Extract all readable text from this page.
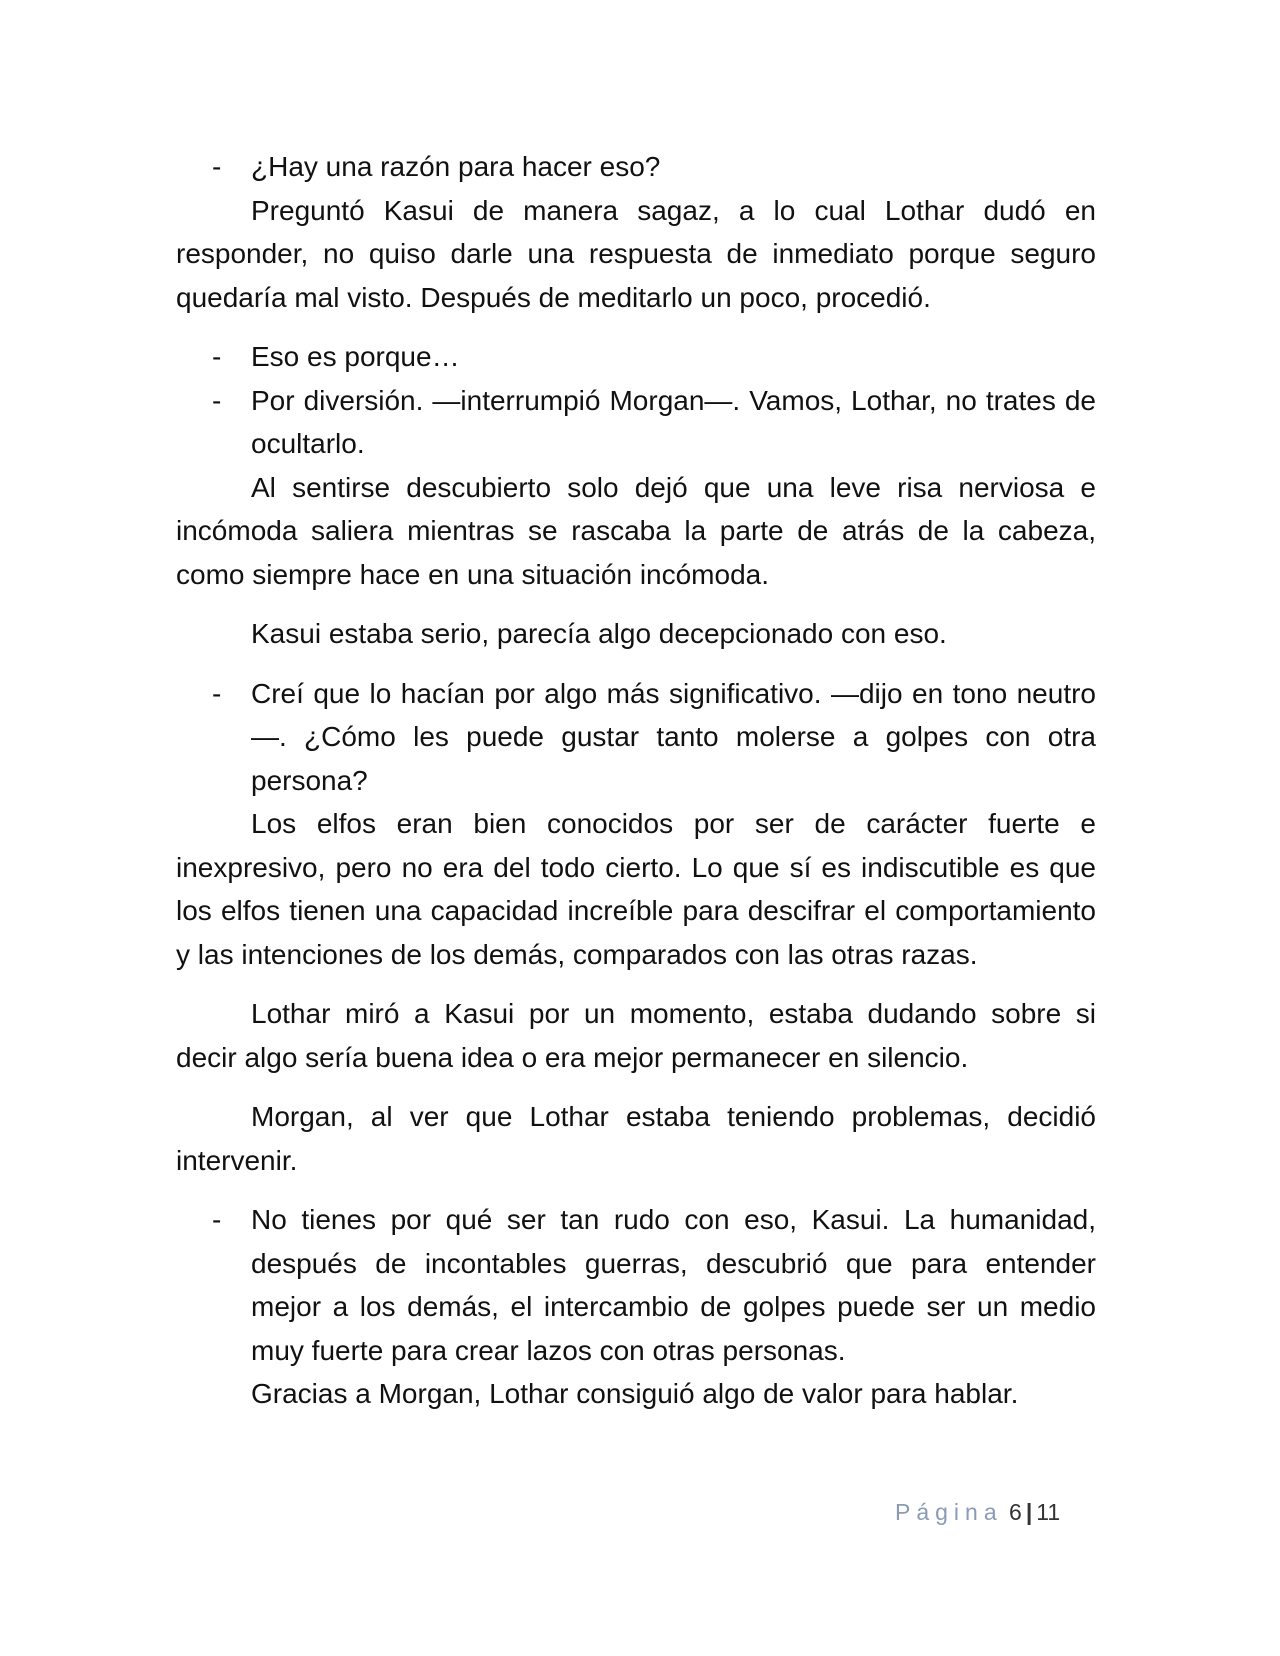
- ¿Hay una razón para hacer eso?

Preguntó Kasui de manera sagaz, a lo cual Lothar dudó en responder, no quiso darle una respuesta de inmediato porque seguro quedaría mal visto. Después de meditarlo un poco, procedió.

- Eso es porque…

- Por diversión. —interrumpió Morgan—. Vamos, Lothar, no trates de ocultarlo.

Al sentirse descubierto solo dejó que una leve risa nerviosa e incómoda saliera mientras se rascaba la parte de atrás de la cabeza, como siempre hace en una situación incómoda.

Kasui estaba serio, parecía algo decepcionado con eso.

- Creí que lo hacían por algo más significativo. —dijo en tono neutro—. ¿Cómo les puede gustar tanto molerse a golpes con otra persona?

Los elfos eran bien conocidos por ser de carácter fuerte e inexpresivo, pero no era del todo cierto. Lo que sí es indiscutible es que los elfos tienen una capacidad increíble para descifrar el comportamiento y las intenciones de los demás, comparados con las otras razas.

Lothar miró a Kasui por un momento, estaba dudando sobre si decir algo sería buena idea o era mejor permanecer en silencio.

Morgan, al ver que Lothar estaba teniendo problemas, decidió intervenir.

- No tienes por qué ser tan rudo con eso, Kasui. La humanidad, después de incontables guerras, descubrió que para entender mejor a los demás, el intercambio de golpes puede ser un medio muy fuerte para crear lazos con otras personas.

Gracias a Morgan, Lothar consiguió algo de valor para hablar.

Página 6 | 11
